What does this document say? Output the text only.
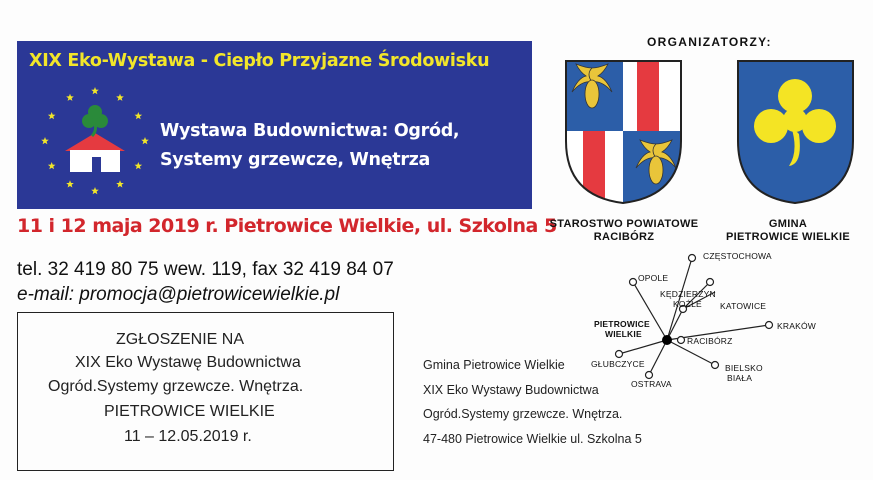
XIX Eko-Wystawa - Ciepło Przyjazne Środowisku
Wystawa Budownictwa: Ogród,
Systemy grzewcze, Wnętrza
11 i 12 maja 2019 r. Pietrowice Wielkie, ul. Szkolna 5
tel. 32 419 80 75 wew. 119, fax 32 419 84 07
e-mail: promocja@pietrowicewielkie.pl
ORGANIZATORZY:
STAROSTWO POWIATOWE
RACIBÓRZ
GMINA
PIETROWICE WIELKIE
CZĘSTOCHOWA
OPOLE
KĘDZIERZYN
KOŹLE KATOWICE
KRAKÓW
PIETROWICE
WIELKIE
RACIBÓRZ
GŁUBCZYCE	BIELSKO
BIAŁA
OSTRAVA
ZGŁOSZENIE NA
XIX Eko Wystawę Budownictwa
Ogród.Systemy grzewcze. Wnętrza.
PIETROWICE WIELKIE
11 – 12.05.2019 r.
Gmina Pietrowice Wielkie
XIX Eko Wystawy Budownictwa
Ogród.Systemy grzewcze. Wnętrza.
47-480 Pietrowice Wielkie ul. Szkolna 5
